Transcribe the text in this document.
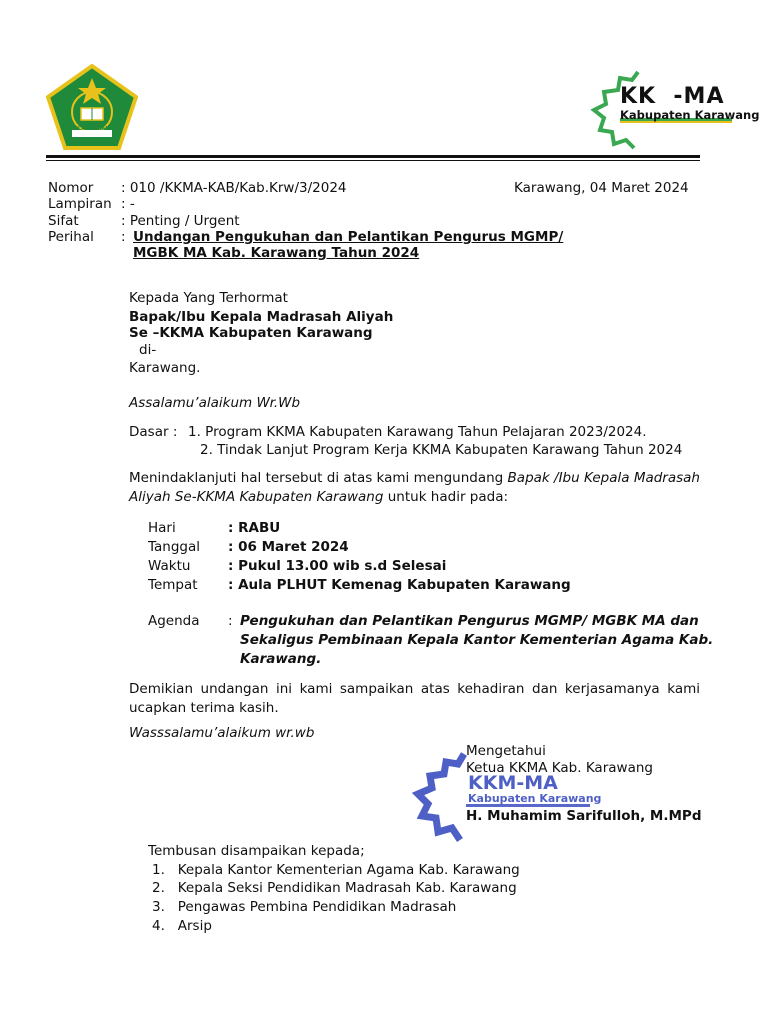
IKHLAS BERAMAL
KK  -MA
Kabupaten Karawang
Nomor : 010 /KKMA-KAB/Kab.Krw/3/2024	Karawang, 04 Maret 2024
Lampiran : -
Sifat	: Penting / Urgent
Perihal : Undangan Pengukuhan dan Pelantikan Pengurus MGMP/
MGBK MA Kab. Karawang Tahun 2024
Kepada Yang Terhormat
Bapak/Ibu Kepala Madrasah Aliyah
Se –KKMA Kabupaten Karawang
di-
Karawang.
Assalamu’alaikum Wr.Wb
Dasar : 1. Program KKMA Kabupaten Karawang Tahun Pelajaran 2023/2024.
2. Tindak Lanjut Program Kerja KKMA Kabupaten Karawang Tahun 2024
Menindaklanjuti hal tersebut di atas kami mengundang Bapak /Ibu Kepala Madrasah Aliyah Se-KKMA Kabupaten Karawang untuk hadir pada:
Hari	: RABU
Tanggal : 06 Maret 2024
Waktu	: Pukul 13.00 wib s.d Selesai
Tempat : Aula PLHUT Kemenag Kabupaten Karawang
Agenda : Pengukuhan dan Pelantikan Pengurus MGMP/ MGBK MA dan
Sekaligus Pembinaan Kepala Kantor Kementerian Agama Kab.
Karawang.
Demikian undangan ini kami sampaikan atas kehadiran dan kerjasamanya kami ucapkan terima kasih.
Wasssalamu’alaikum wr.wb
KKM-MA
Kabupaten Karawang
Mengetahui
Ketua KKMA Kab. Karawang
H. Muhamim Sarifulloh, M.MPd
Tembusan disampaikan kepada;
1.   Kepala Kantor Kementerian Agama Kab. Karawang
2.   Kepala Seksi Pendidikan Madrasah Kab. Karawang
3.   Pengawas Pembina Pendidikan Madrasah
4.   Arsip
